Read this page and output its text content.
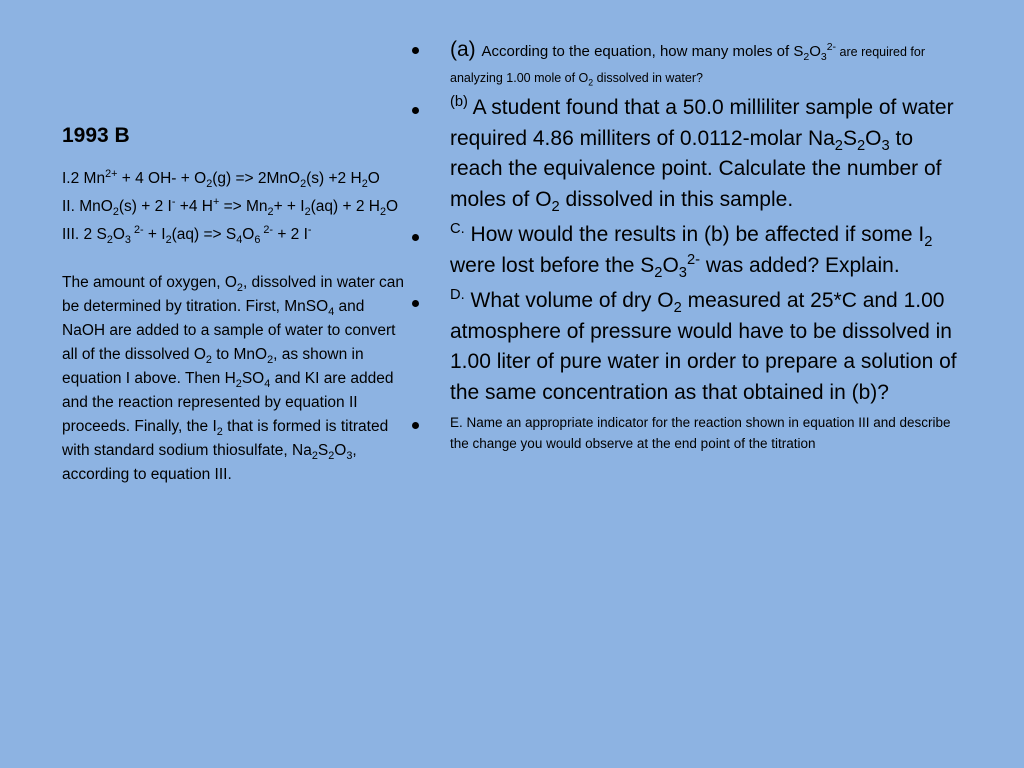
1993 B
I.2 $Mn^{2+} + 4$ $OH- + O_2(g) => 2MnO_2(s) +2$ $H_2O$
II. MnO$_2$(s) + 2 I- +4 $H^+ => Mn_2+ + I_2(aq) + 2$ $H_2O$
III. 2 $S_2O_3$ $^{2-} + I_2(aq) => S_4O_6$ $^{2-}$ + 2 I-
The amount of oxygen, $O_2$, dissolved in water can be determined by titration. First, MnSO$_4$ and NaOH are added to a sample of water to convert all of the dissolved $O_2$ to MnO$_2$, as shown in equation I above. Then $H_2SO_4$ and KI are added and the reaction represented by equation II proceeds. Finally, the $I_2$ that is formed is titrated with standard sodium thiosulfate, $Na_2S_2O_3$, according to equation III.
(a) According to the equation, how many moles of $S_2O_3^{2-}$ are required for analyzing 1.00 mole of $O_2$ dissolved in water?
$^{(b)}$ A student found that a 50.0 milliliter sample of water required 4.86 milliters of 0.0112-molar $Na_2S_2O_3$ to reach the equivalence point. Calculate the number of moles of $O_2$ dissolved in this sample.
$^{C.}$ How would the results in (b) be affected if some $I_2$ were lost before the $S_2O_3^{2-}$ was added? Explain.
$^{D.}$ What volume of dry $O_2$ measured at 25*C and 1.00 atmosphere of pressure would have to be dissolved in 1.00 liter of pure water in order to prepare a solution of the same concentration as that obtained in (b)?
E. Name an appropriate indicator for the reaction shown in equation III and describe the change you would observe at the end point of the titration
